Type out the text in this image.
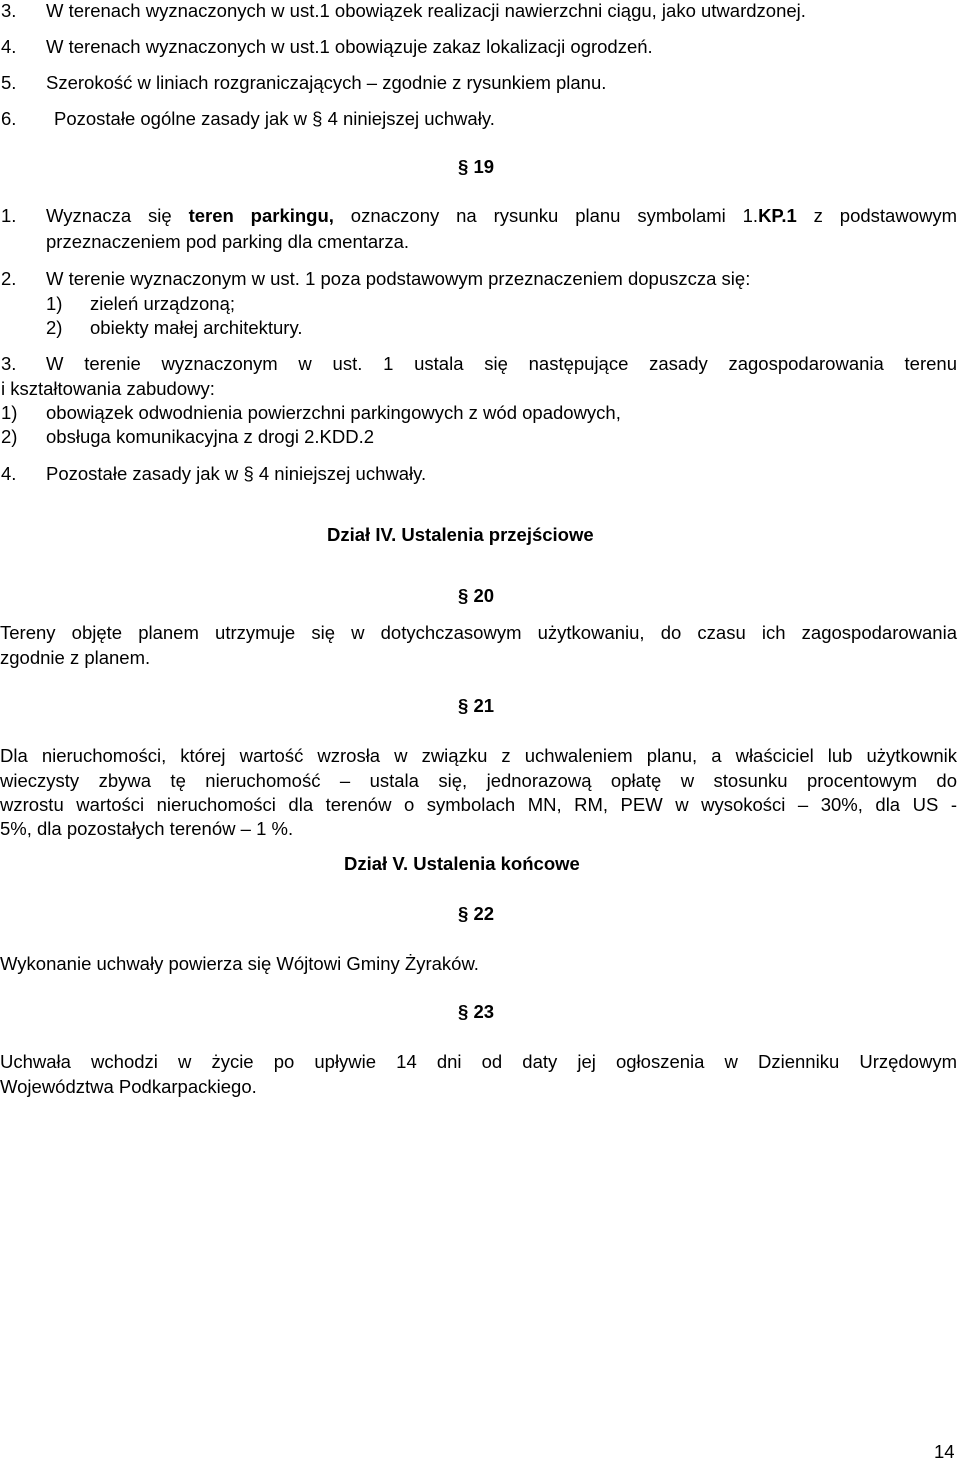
3. W terenach wyznaczonych w ust.1 obowiązek realizacji nawierzchni ciągu, jako utwardzonej.
4. W terenach wyznaczonych w ust.1 obowiązuje zakaz lokalizacji ogrodzeń.
5. Szerokość w liniach rozgraniczających – zgodnie z rysunkiem planu.
6. Pozostałe ogólne zasady jak w § 4 niniejszej uchwały.
§ 19
1. Wyznacza się teren parkingu, oznaczony na rysunku planu symbolami 1.KP.1 z podstawowym
przeznaczeniem pod parking dla cmentarza.
2. W terenie wyznaczonym w ust. 1 poza podstawowym przeznaczeniem dopuszcza się:
1) zieleń urządzoną;
2) obiekty małej architektury.
3. W terenie wyznaczonym w ust. 1 ustala się następujące zasady zagospodarowania terenu
i kształtowania zabudowy:
1) obowiązek odwodnienia powierzchni parkingowych z wód opadowych,
2) obsługa komunikacyjna z drogi 2.KDD.2
4. Pozostałe zasady jak w § 4 niniejszej uchwały.
Dział IV. Ustalenia przejściowe
§ 20
Tereny objęte planem utrzymuje się w dotychczasowym użytkowaniu, do czasu ich zagospodarowania
zgodnie z planem.
§ 21
Dla nieruchomości, której wartość wzrosła w związku z uchwaleniem planu, a właściciel lub użytkownik
wieczysty zbywa tę nieruchomość – ustala się, jednorazową opłatę w stosunku procentowym do
wzrostu wartości nieruchomości dla terenów o symbolach MN, RM, PEW w wysokości – 30%, dla US -
5%, dla pozostałych terenów – 1 %.
Dział V. Ustalenia końcowe
§ 22
Wykonanie uchwały powierza się Wójtowi Gminy Żyraków.
§ 23
Uchwała wchodzi w życie po upływie 14 dni od daty jej ogłoszenia w Dzienniku Urzędowym
Województwa Podkarpackiego.
14
